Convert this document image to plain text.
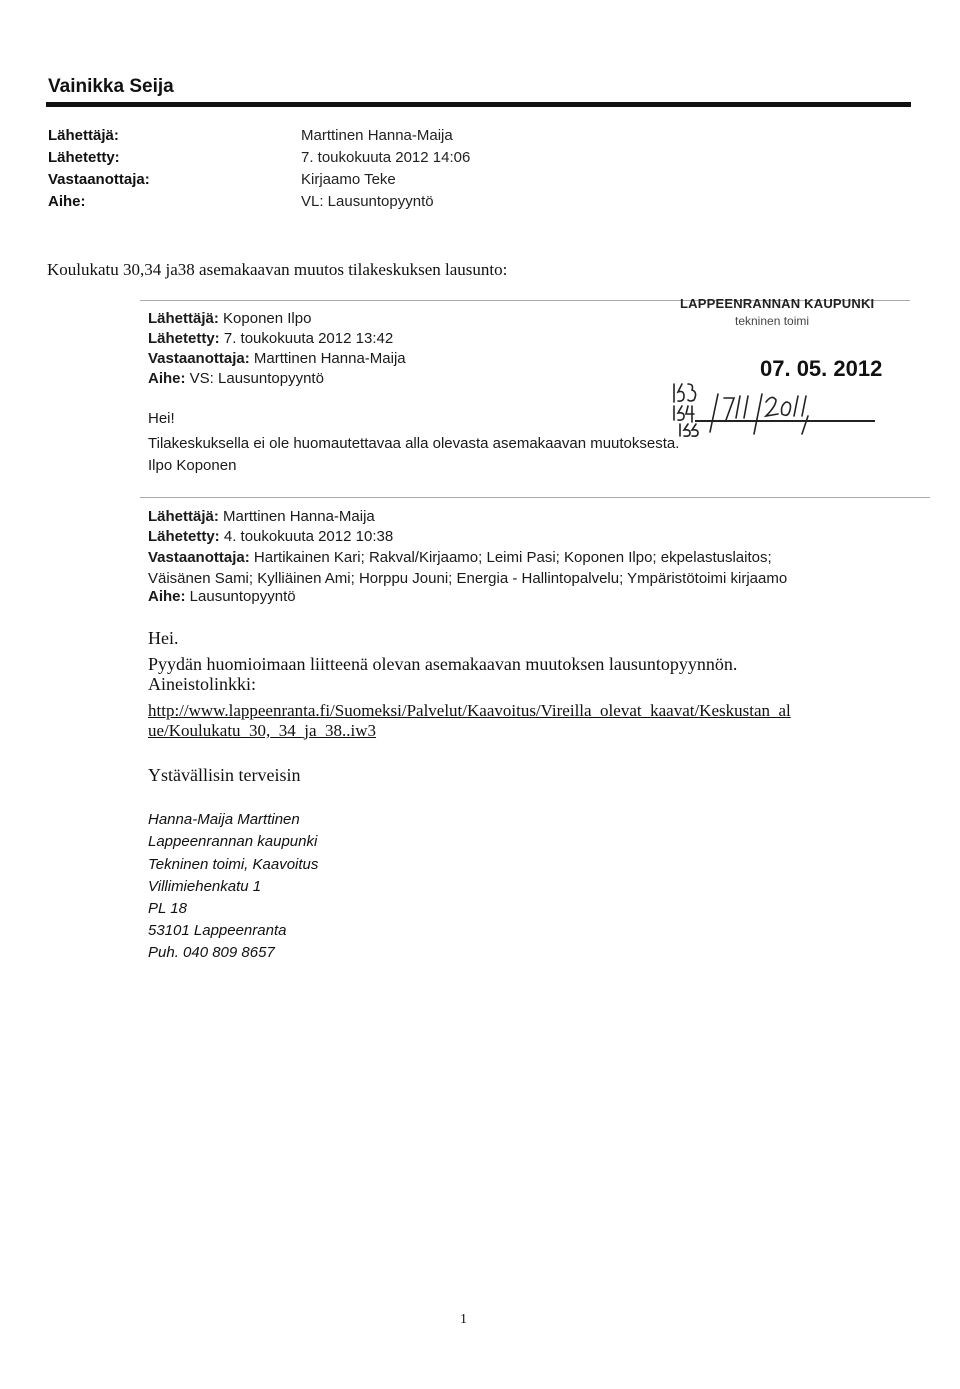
Vainikka Seija
Lähettäjä:	Marttinen Hanna-Maija
Lähetetty:	7. toukokuuta 2012 14:06
Vastaanottaja:	Kirjaamo Teke
Aihe:	VL: Lausuntopyyntö
Koulukatu 30,34 ja38 asemakaavan muutos tilakeskuksen lausunto:
Lähettäjä: Koponen Ilpo
Lähetetty: 7. toukokuuta 2012 13:42
Vastaanottaja: Marttinen Hanna-Maija
Aihe: VS: Lausuntopyyntö
Hei!
Tilakeskuksella ei ole huomautettavaa alla olevasta asemakaavan muutoksesta.
Ilpo Koponen
LAPPEENRANNAN KAUPUNKI
tekninen toimi
07. 05. 2012
Lähettäjä: Marttinen Hanna-Maija
Lähetetty: 4. toukokuuta 2012 10:38
Vastaanottaja: Hartikainen Kari; Rakval/Kirjaamo; Leimi Pasi; Koponen Ilpo; ekpelastuslaitos;
Väisänen Sami; Kylliäinen Ami; Horppu Jouni; Energia - Hallintopalvelu; Ympäristötoimi kirjaamo
Aihe: Lausuntopyyntö
Hei.
Pyydän huomioimaan liitteenä olevan asemakaavan muutoksen lausuntopyynnön.
Aineistolinkki:
http://www.lappeenranta.fi/Suomeksi/Palvelut/Kaavoitus/Vireilla_olevat_kaavat/Keskustan_al
ue/Koulukatu_30,_34_ja_38..iw3
Ystävällisin terveisin
Hanna-Maija Marttinen
Lappeenrannan kaupunki
Tekninen toimi, Kaavoitus
Villimiehenkatu 1
PL 18
53101 Lappeenranta
Puh. 040 809 8657
1
